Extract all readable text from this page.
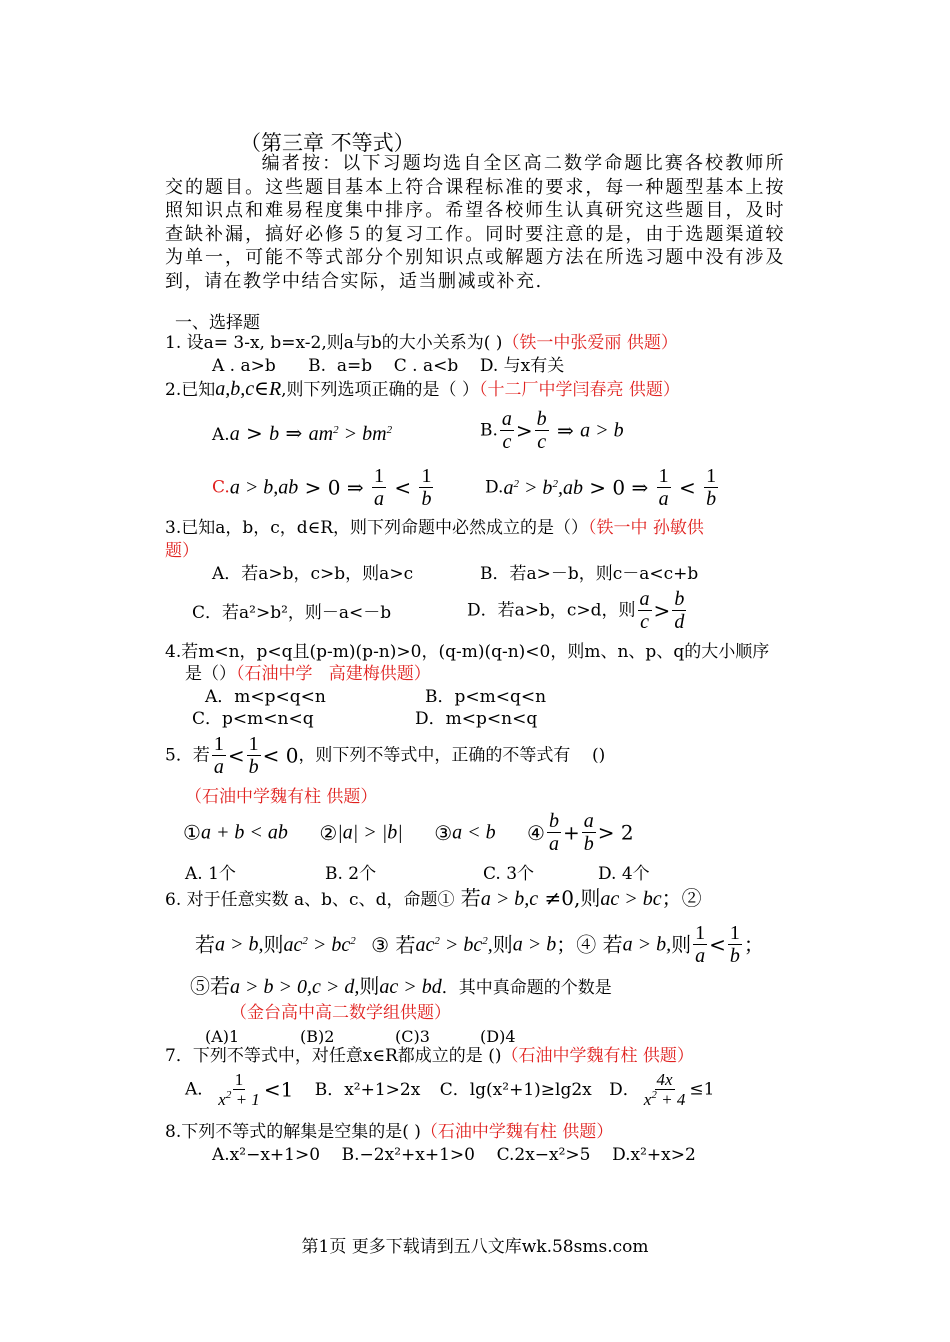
（第三章 不等式）
编者按：以下习题均选自全区高二数学命题比赛各校教师所交的题目。这些题目基本上符合课程标准的要求，每一种题型基本上按照知识点和难易程度集中排序。希望各校师生认真研究这些题目，及时查缺补漏，搞好必修５的复习工作。同时要注意的是，由于选题渠道较为单一，可能不等式部分个别知识点或解题方法在所选习题中没有涉及到，请在教学中结合实际，适当删减或补充.
一、选择题
1. 设a= 3-x, b=x-2,则a与b的大小关系为( )（铁一中张爱丽 供题）
A . a>b      B.  a=b    C . a<b    D. 与x有关
2.已知a,b,c∈R,则下列选项正确的是（ ）（十二厂中学闫春亮 供题）
A.a > b ⇒ $am^2 > bm^2$	B. $\frac{a}{c} > \frac{b}{c}$ ⇒ a > b
C.a > b,ab > 0 ⇒ $\frac{1}{a} < \frac{1}{b}$	$D.a^2 > b^2,ab > 0$ ⇒ $\frac{1}{a} < \frac{1}{b}$
3.已知a，b，c，d∈R，则下列命题中必然成立的是（）（铁一中 孙敏供
题）
A．若a>b，c>b，则a>c	B．若a>－b，则c－a<c+b
C．若a²>b²，则－a<－b	D．若a>b，c>d，则 $\frac{a}{c} > \frac{b}{d}$
4.若m<n，p<q且(p-m)(p-n)>0，(q-m)(q-n)<0，则m、n、p、q的大小顺序
是（）（石油中学   高建梅供题）
A．m<p<q<n	B．p<m<q<n
C．p<m<n<q	D．m<p<n<q
5．若 $\frac{1}{a} < \frac{1}{b} < 0$，则下列不等式中，正确的不等式有    ()
（石油中学魏有柱 供题）
①a + b < ab ②|a| > |b| ③a < b ④ $\frac{b}{a} + \frac{a}{b} > 2$
A. 1个	B. 2个	C. 3个	D. 4个
6. 对于任意实数 a、b、c、d，命题① 若a > b,c ≠0,则ac > bc；②
若a > b,则$ac^2 > bc^2$ ③ 若$ac^2 > bc^2$,则a > b；④ 若a > b,则 $\frac{1}{a} < \frac{1}{b}$ ；
⑤若a > b > 0,c > d,则ac > bd．其中真命题的个数是
（金台高中高二数学组供题）
(A)1	(B)2	(C)3	(D)4
7．下列不等式中，对任意x∈R都成立的是 ()（石油中学魏有柱 供题）
A． $\frac{1}{x^2 + 1} <1$ B．x²+1>2x C．lg(x²+1)≥lg2x D． $\frac{4x}{x^2 + 4} \le 1$
8.下列不等式的解集是空集的是( )（石油中学魏有柱 供题）
A.x²−x+1>0    B.−2x²+x+1>0    C.2x−x²>5    D.x²+x>2
第1页 更多下载请到五八文库wk.58sms.com
